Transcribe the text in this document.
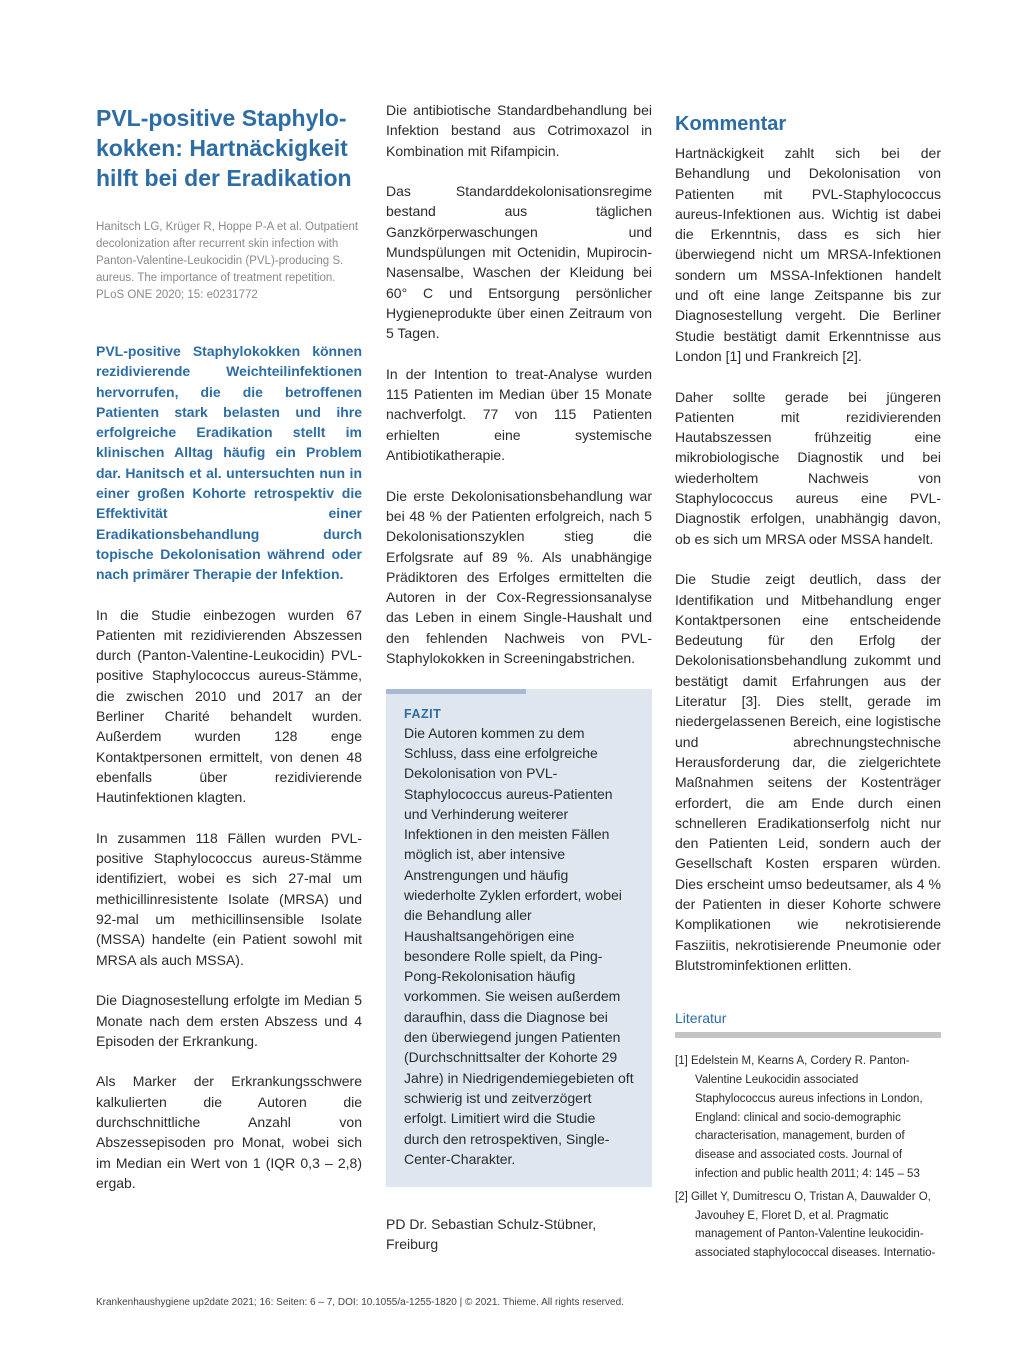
PVL-positive Staphylokokken: Hartnäckigkeit hilft bei der Eradikation
Hanitsch LG, Krüger R, Hoppe P-A et al. Outpatient decolonization after recurrent skin infection with Panton-Valentine-Leukocidin (PVL)-producing S. aureus. The importance of treatment repetition. PLoS ONE 2020; 15: e0231772
PVL-positive Staphylokokken können rezidivierende Weichteilinfektionen hervorrufen, die die betroffenen Patienten stark belasten und ihre erfolgreiche Eradikation stellt im klinischen Alltag häufig ein Problem dar. Hanitsch et al. untersuchten nun in einer großen Kohorte retrospektiv die Effektivität einer Eradikationsbehandlung durch topische Dekolonisation während oder nach primärer Therapie der Infektion.

In die Studie einbezogen wurden 67 Patienten mit rezidivierenden Abszessen durch (Panton-Valentine-Leukocidin) PVL-positive Staphylococcus aureus-Stämme, die zwischen 2010 und 2017 an der Berliner Charité behandelt wurden. Außerdem wurden 128 enge Kontaktpersonen ermittelt, von denen 48 ebenfalls über rezidivierende Hautinfektionen klagten.

In zusammen 118 Fällen wurden PVL-positive Staphylococcus aureus-Stämme identifiziert, wobei es sich 27-mal um methicillinresistente Isolate (MRSA) und 92-mal um methicillinsensible Isolate (MSSA) handelte (ein Patient sowohl mit MRSA als auch MSSA).

Die Diagnosestellung erfolgte im Median 5 Monate nach dem ersten Abszess und 4 Episoden der Erkrankung.

Als Marker der Erkrankungsschwere kalkulierten die Autoren die durchschnittliche Anzahl von Abszessepisoden pro Monat, wobei sich im Median ein Wert von 1 (IQR 0,3 – 2,8) ergab.

Die antibiotische Standardbehandlung bei Infektion bestand aus Cotrimoxazol in Kombination mit Rifampicin.

Das Standarddekolonisationsregime bestand aus täglichen Ganzkörperwaschungen und Mundspülungen mit Octenidin, Mupirocin-Nasensalbe, Waschen der Kleidung bei 60° C und Entsorgung persönlicher Hygieneprodukte über einen Zeitraum von 5 Tagen.

In der Intention to treat-Analyse wurden 115 Patienten im Median über 15 Monate nachverfolgt. 77 von 115 Patienten erhielten eine systemische Antibiotikatherapie.

Die erste Dekolonisationsbehandlung war bei 48 % der Patienten erfolgreich, nach 5 Dekolonisationszyklen stieg die Erfolgsrate auf 89 %. Als unabhängige Prädiktoren des Erfolges ermittelten die Autoren in der Cox-Regressionsanalyse das Leben in einem Single-Haushalt und den fehlenden Nachweis von PVL-Staphylokokken in Screeningabstrichen.

FAZIT
Die Autoren kommen zu dem Schluss, dass eine erfolgreiche Dekolonisation von PVL-Staphylococcus aureus-Patienten und Verhinderung weiterer Infektionen in den meisten Fällen möglich ist, aber intensive Anstrengungen und häufig wiederholte Zyklen erfordert, wobei die Behandlung aller Haushaltsangehörigen eine besondere Rolle spielt, da Ping-Pong-Rekolonisation häufig vorkommen. Sie weisen außerdem daraufhin, dass die Diagnose bei den überwiegend jungen Patienten (Durchschnittsalter der Kohorte 29 Jahre) in Niedrigendemiegebieten oft schwierig ist und zeitverzögert erfolgt. Limitiert wird die Studie durch den retrospektiven, Single-Center-Charakter.
PD Dr. Sebastian Schulz-Stübner, Freiburg
Kommentar

Hartnäckigkeit zahlt sich bei der Behandlung und Dekolonisation von Patienten mit PVL-Staphylococcus aureus-Infektionen aus. Wichtig ist dabei die Erkenntnis, dass es sich hier überwiegend nicht um MRSA-Infektionen sondern um MSSA-Infektionen handelt und oft eine lange Zeitspanne bis zur Diagnosestellung vergeht. Die Berliner Studie bestätigt damit Erkenntnisse aus London [1] und Frankreich [2].

Daher sollte gerade bei jüngeren Patienten mit rezidivierenden Hautabszessen frühzeitig eine mikrobiologische Diagnostik und bei wiederholtem Nachweis von Staphylococcus aureus eine PVL-Diagnostik erfolgen, unabhängig davon, ob es sich um MRSA oder MSSA handelt.

Die Studie zeigt deutlich, dass der Identifikation und Mitbehandlung enger Kontaktpersonen eine entscheidende Bedeutung für den Erfolg der Dekolonisationsbehandlung zukommt und bestätigt damit Erfahrungen aus der Literatur [3]. Dies stellt, gerade im niedergelassenen Bereich, eine logistische und abrechnungstechnische Herausforderung dar, die zielgerichtete Maßnahmen seitens der Kostenträger erfordert, die am Ende durch einen schnelleren Eradikationserfolg nicht nur den Patienten Leid, sondern auch der Gesellschaft Kosten ersparen würden. Dies erscheint umso bedeutsamer, als 4 % der Patienten in dieser Kohorte schwere Komplikationen wie nekrotisierende Fasziitis, nekrotisierende Pneumonie oder Blutstrominfektionen erlitten.

Literatur

[1] Edelstein M, Kearns A, Cordery R. Panton-Valentine Leukocidin associated Staphylococcus aureus infections in London, England: clinical and socio-demographic characterisation, management, burden of disease and associated costs. Journal of infection and public health 2011; 4: 145 – 53

[2] Gillet Y, Dumitrescu O, Tristan A, Dauwalder O, Javouhey E, Floret D, et al. Pragmatic management of Panton-Valentine leukocidin-associated staphylococcal diseases. Internatio-

Krankenhaushygiene up2date 2021; 16: Seiten: 6 – 7, DOI: 10.1055/a-1255-1820 | © 2021. Thieme. All rights reserved.
